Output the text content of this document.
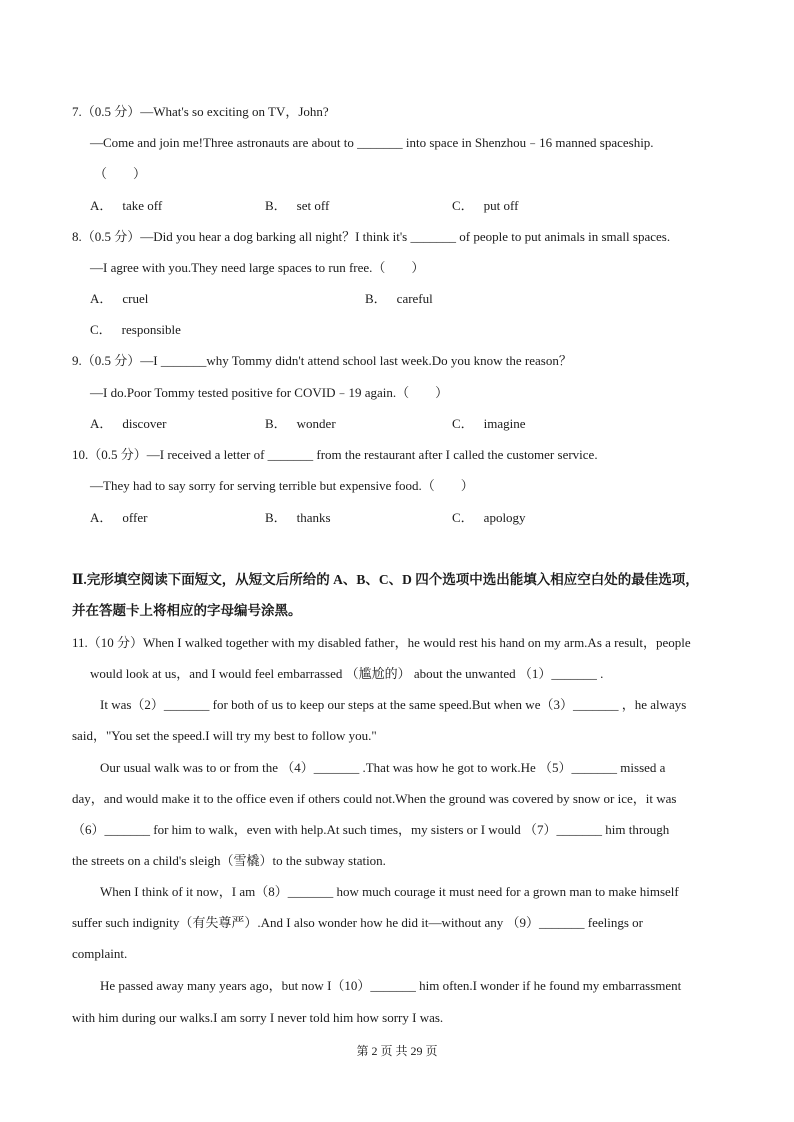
7.（0.5 分）—What's so exciting on TV，John?
—Come and join me!Three astronauts are about to _______ into space in Shenzhou﹣16 manned spaceship.
（　　）
A． take off	B． set off	C． put off
8.（0.5 分）—Did you hear a dog barking all night？I think it's _______ of people to put animals in small spaces.
—I agree with you.They need large spaces to run free.（　　）
A． cruel	B． careful
C． responsible
9.（0.5 分）—I _______why Tommy didn't attend school last week.Do you know the reason？
—I do.Poor Tommy tested positive for COVID﹣19 again.（　　）
A． discover	B． wonder	C． imagine
10.（0.5 分）—I received a letter of _______ from the restaurant after I called the customer service.
—They had to say sorry for serving terrible but expensive food.（　　）
A． offer	B． thanks	C． apology
Ⅱ.完形填空阅读下面短文，从短文后所给的 A、B、C、D 四个选项中选出能填入相应空白处的最佳选项，
并在答题卡上将相应的字母编号涂黑。
11.（10 分）When I walked together with my disabled father，he would rest his hand on my arm.As a result，people
would look at us，and I would feel embarrassed （尴尬的） about the unwanted （1）_______ .
It was（2）_______ for both of us to keep our steps at the same speed.But when we（3）_______ ，he always
said，"You set the speed.I will try my best to follow you."
Our usual walk was to or from the （4）_______ .That was how he got to work.He （5）_______ missed a
day，and would make it to the office even if others could not.When the ground was covered by snow or ice，it was
（6）_______ for him to walk，even with help.At such times，my sisters or I would （7）_______ him through
the streets on a child's sleigh（雪橇）to the subway station.
When I think of it now，I am（8）_______ how much courage it must need for a grown man to make himself
suffer such indignity（有失尊严）.And I also wonder how he did it—without any （9）_______ feelings or
complaint.
He passed away many years ago，but now I（10）_______ him often.I wonder if he found my embarrassment
with him during our walks.I am sorry I never told him how sorry I was.
第 2 页 共 29 页
